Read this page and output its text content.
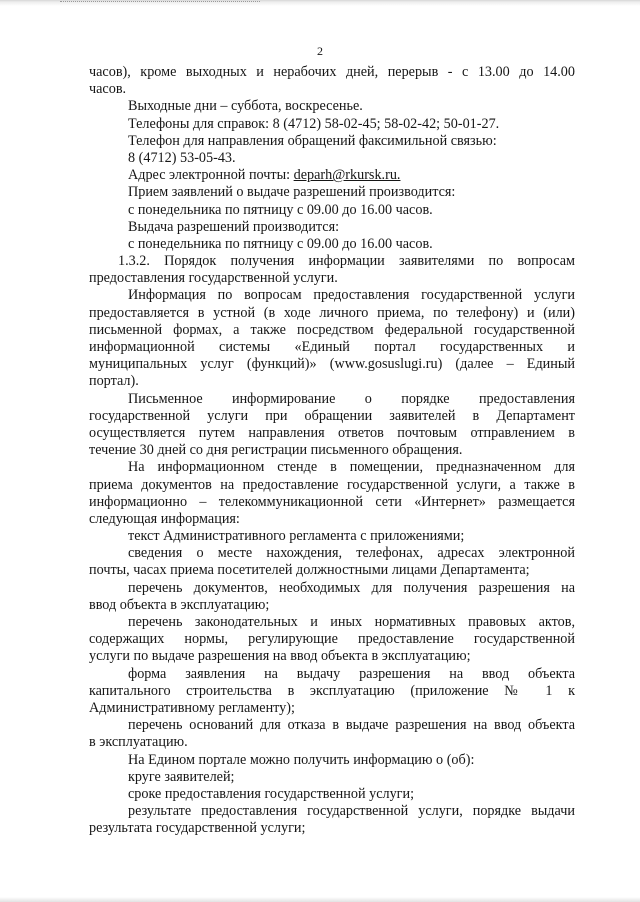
2
часов), кроме выходных и нерабочих дней, перерыв - с 13.00 до 14.00
часов.
Выходные дни – суббота, воскресенье.
Телефоны для справок: 8 (4712) 58-02-45; 58-02-42; 50-01-27.
Телефон для направления обращений факсимильной связью:
8 (4712) 53-05-43.
Адрес электронной почты: deparh@rkursk.ru.
Прием заявлений о выдаче разрешений производится:
с понедельника по пятницу с 09.00 до 16.00 часов.
Выдача разрешений производится:
с понедельника по пятницу с 09.00 до 16.00 часов.
1.3.2. Порядок получения информации заявителями по вопросам
предоставления государственной услуги.
Информация по вопросам предоставления государственной услуги
предоставляется в устной (в ходе личного приема, по телефону) и (или)
письменной формах, а также посредством федеральной государственной
информационной системы «Единый портал государственных и
муниципальных услуг (функций)» (www.gosuslugi.ru) (далее – Единый
портал).
Письменное информирование о порядке предоставления
государственной услуги при обращении заявителей в Департамент
осуществляется путем направления ответов почтовым отправлением в
течение 30 дней со дня регистрации письменного обращения.
На информационном стенде в помещении, предназначенном для
приема документов на предоставление государственной услуги, а также в
информационно – телекоммуникационной сети «Интернет» размещается
следующая информация:
текст Административного регламента с приложениями;
сведения о месте нахождения, телефонах, адресах электронной
почты, часах приема посетителей должностными лицами Департамента;
перечень документов, необходимых для получения разрешения на
ввод объекта в эксплуатацию;
перечень законодательных и иных нормативных правовых актов,
содержащих нормы, регулирующие предоставление государственной
услуги по выдаче разрешения на ввод объекта в эксплуатацию;
форма заявления на выдачу разрешения на ввод объекта
капитального строительства в эксплуатацию (приложение № 1 к
Административному регламенту);
перечень оснований для отказа в выдаче разрешения на ввод объекта
в эксплуатацию.
На Едином портале можно получить информацию о (об):
круге заявителей;
сроке предоставления государственной услуги;
результате предоставления государственной услуги, порядке выдачи
результата государственной услуги;
